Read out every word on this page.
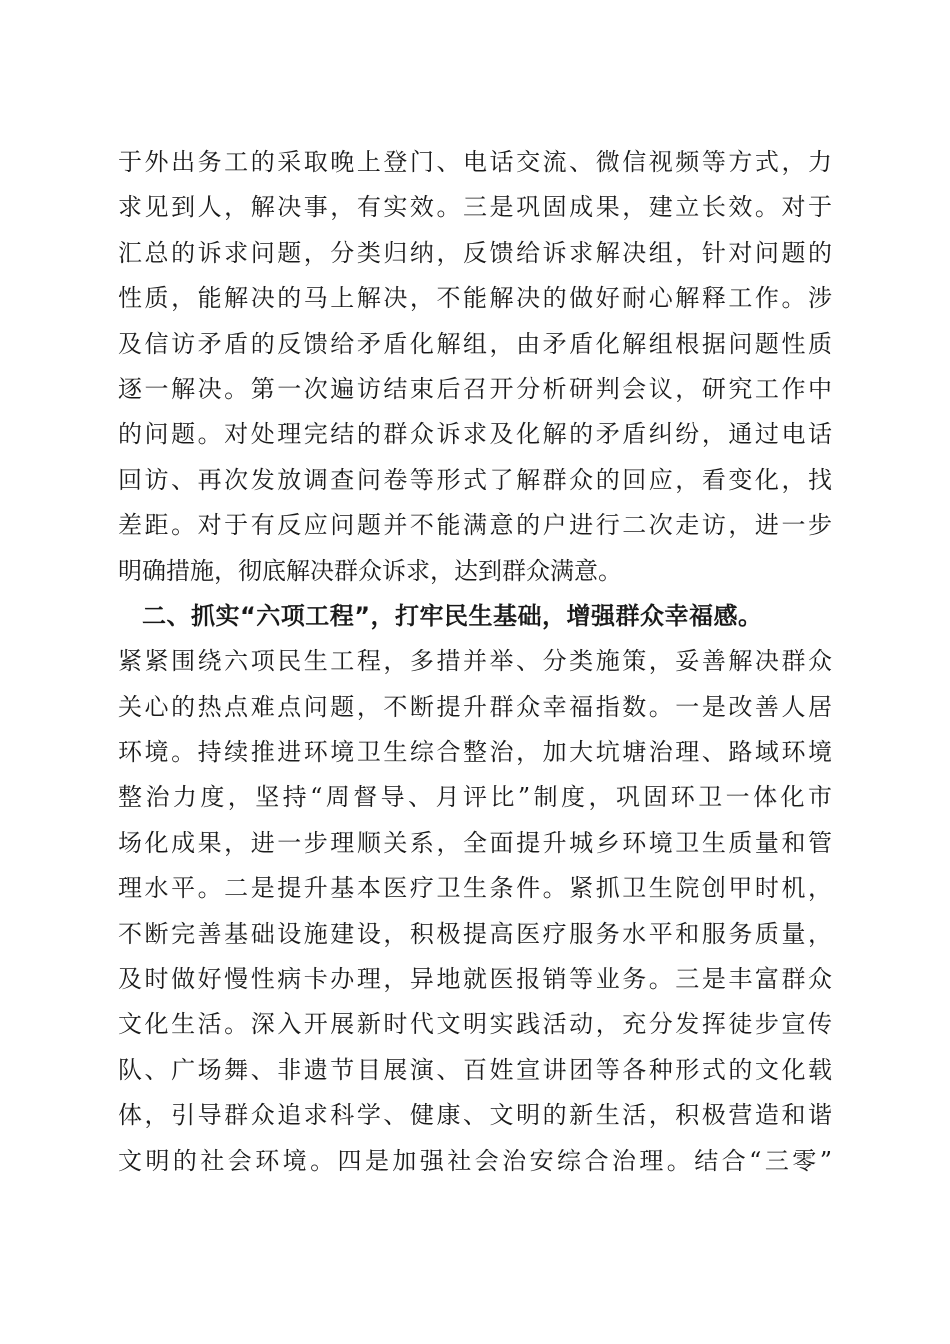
于外出务工的采取晚上登门、电话交流、微信视频等方式，力
求见到人，解决事，有实效。三是巩固成果，建立长效。对于
汇总的诉求问题，分类归纳，反馈给诉求解决组，针对问题的
性质，能解决的马上解决，不能解决的做好耐心解释工作。涉
及信访矛盾的反馈给矛盾化解组，由矛盾化解组根据问题性质
逐一解决。第一次遍访结束后召开分析研判会议，研究工作中
的问题。对处理完结的群众诉求及化解的矛盾纠纷，通过电话
回访、再次发放调查问卷等形式了解群众的回应，看变化，找
差距。对于有反应问题并不能满意的户进行二次走访，进一步
明确措施，彻底解决群众诉求，达到群众满意。
二、抓实“六项工程”，打牢民生基础，增强群众幸福感。
紧紧围绕六项民生工程，多措并举、分类施策，妥善解决群众
关心的热点难点问题，不断提升群众幸福指数。一是改善人居
环境。持续推进环境卫生综合整治，加大坑塘治理、路域环境
整治力度，坚持“周督导、月评比”制度，巩固环卫一体化市
场化成果，进一步理顺关系，全面提升城乡环境卫生质量和管
理水平。二是提升基本医疗卫生条件。紧抓卫生院创甲时机，
不断完善基础设施建设，积极提高医疗服务水平和服务质量，
及时做好慢性病卡办理，异地就医报销等业务。三是丰富群众
文化生活。深入开展新时代文明实践活动，充分发挥徒步宣传
队、广场舞、非遗节目展演、百姓宣讲团等各种形式的文化载
体，引导群众追求科学、健康、文明的新生活，积极营造和谐
文明的社会环境。四是加强社会治安综合治理。结合“三零”
